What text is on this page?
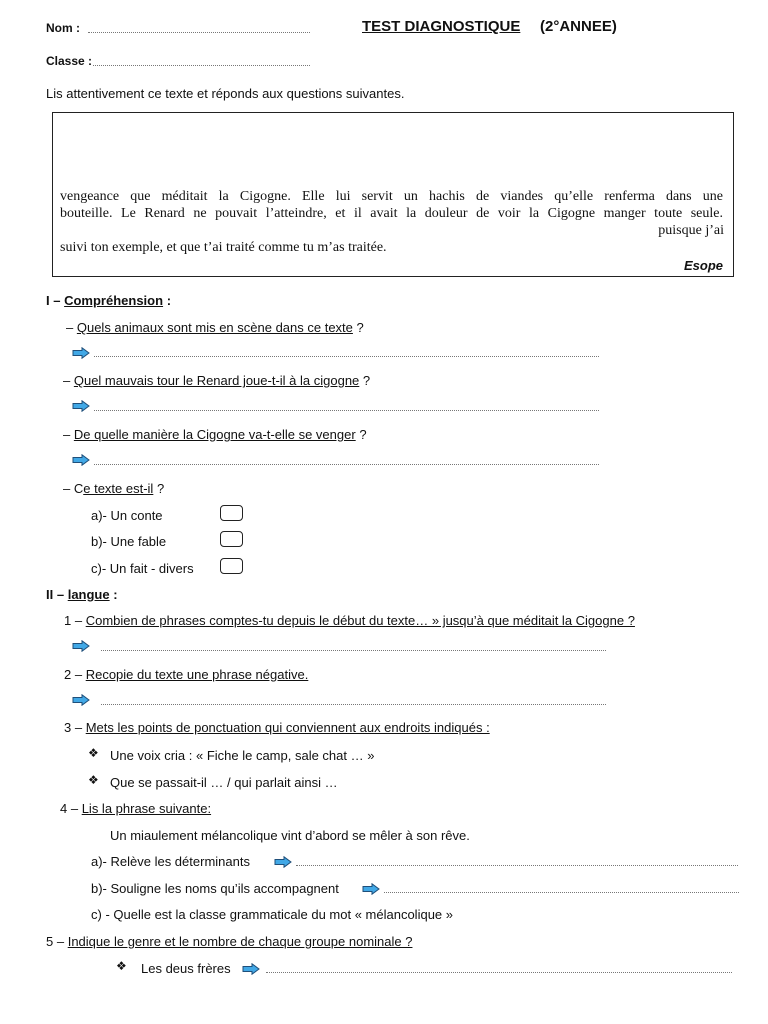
Nom :	TEST DIAGNOSTIQUE (2°ANNEE)
Classe :
Lis attentivement ce texte et réponds aux questions suivantes.
vengeance que méditait la Cigogne. Elle lui servit un hachis de viandes qu’elle renferma dans une
bouteille. Le Renard ne pouvait l’atteindre, et il avait la douleur de voir la Cigogne manger toute seule.
puisque j’ai
suivi ton exemple, et que t’ai traité comme tu m’as traitée.
Esope
I – Compréhension :
– Quels animaux sont mis en scène dans ce texte ?
– Quel mauvais tour le Renard joue-t-il à la cigogne ?
– De quelle manière la Cigogne va-t-elle se venger ?
– Ce texte est-il ?
a)- Un conte
b)- Une fable
c)- Un fait - divers
II – langue :
1 – Combien de phrases comptes-tu depuis le début du texte… » jusqu’à que méditait la Cigogne ?
2 – Recopie du texte une phrase négative.
3 – Mets les points de ponctuation qui conviennent aux endroits indiqués :
❖ Une voix cria : « Fiche le camp, sale chat … »
❖ Que se passait-il … / qui parlait ainsi …
4 – Lis la phrase suivante:
Un miaulement mélancolique vint d’abord se mêler à son rêve.
a)- Relève les déterminants
b)- Souligne les noms qu’ils accompagnent
c) - Quelle est la classe grammaticale du mot « mélancolique »
5 – Indique le genre et le nombre de chaque groupe nominale ?
❖ Les deus frères
